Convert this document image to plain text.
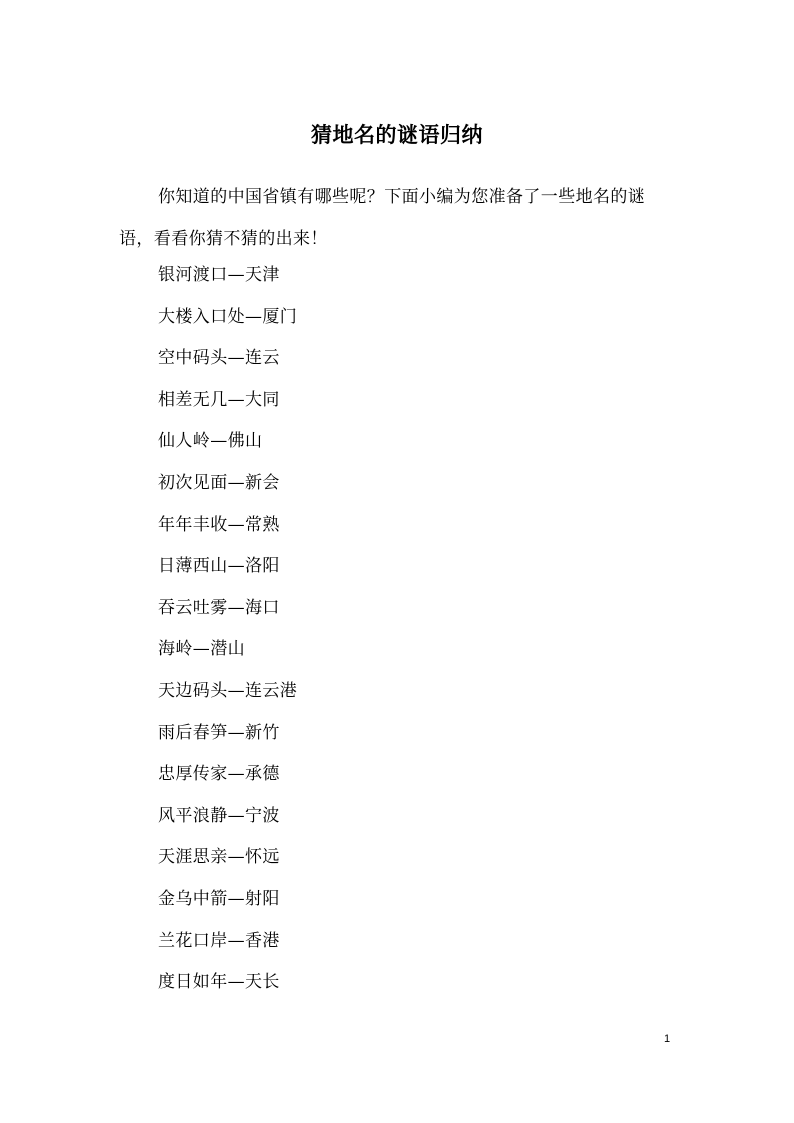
猜地名的谜语归纳

你知道的中国省镇有哪些呢？下面小编为您准备了一些地名的谜语，看看你猜不猜的出来！

银河渡口—天津
大楼入口处—厦门
空中码头—连云
相差无几—大同
仙人岭—佛山
初次见面—新会
年年丰收—常熟
日薄西山—洛阳
吞云吐雾—海口
海岭—潜山
天边码头—连云港
雨后春笋—新竹
忠厚传家—承德
风平浪静—宁波
天涯思亲—怀远
金乌中箭—射阳
兰花口岸—香港
度日如年—天长
1
